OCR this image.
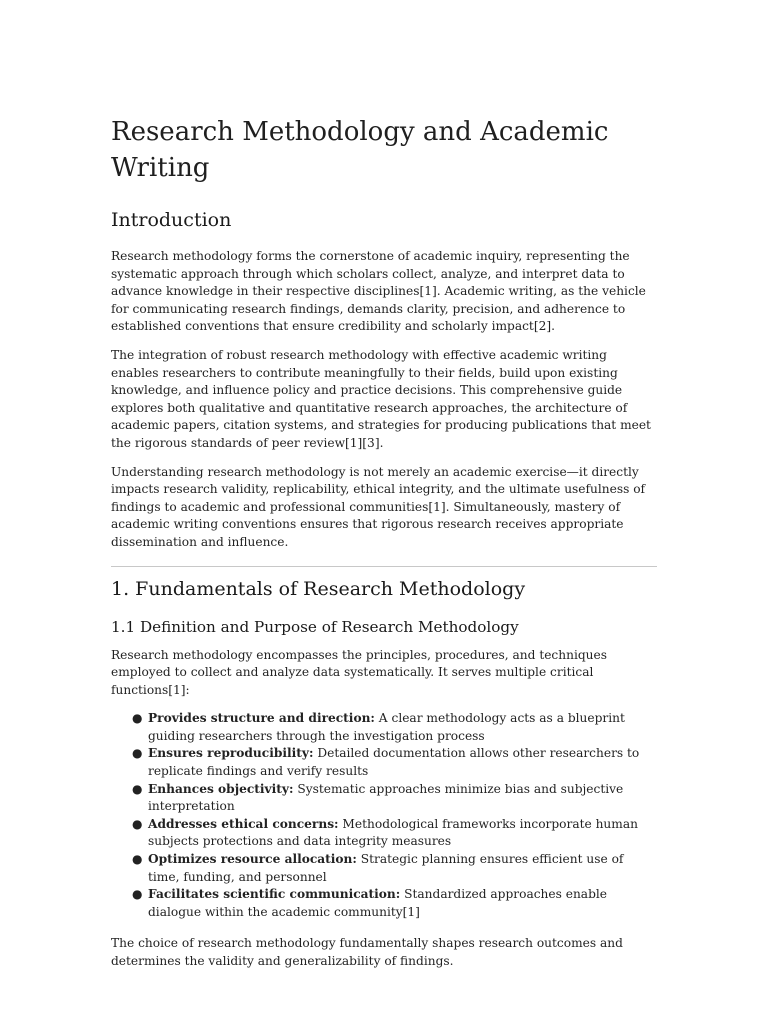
Research Methodology and Academic Writing
Introduction

Research methodology forms the cornerstone of academic inquiry, representing the systematic approach through which scholars collect, analyze, and interpret data to advance knowledge in their respective disciplines[1]. Academic writing, as the vehicle for communicating research findings, demands clarity, precision, and adherence to established conventions that ensure credibility and scholarly impact[2].

The integration of robust research methodology with effective academic writing enables researchers to contribute meaningfully to their fields, build upon existing knowledge, and influence policy and practice decisions. This comprehensive guide explores both qualitative and quantitative research approaches, the architecture of academic papers, citation systems, and strategies for producing publications that meet the rigorous standards of peer review[1][3].

Understanding research methodology is not merely an academic exercise—it directly impacts research validity, replicability, ethical integrity, and the ultimate usefulness of findings to academic and professional communities[1]. Simultaneously, mastery of academic writing conventions ensures that rigorous research receives appropriate dissemination and influence.

1. Fundamentals of Research Methodology
1.1 Definition and Purpose of Research Methodology

Research methodology encompasses the principles, procedures, and techniques employed to collect and analyze data systematically. It serves multiple critical functions[1]:

● Provides structure and direction: A clear methodology acts as a blueprint guiding researchers through the investigation process
● Ensures reproducibility: Detailed documentation allows other researchers to replicate findings and verify results
● Enhances objectivity: Systematic approaches minimize bias and subjective interpretation
● Addresses ethical concerns: Methodological frameworks incorporate human subjects protections and data integrity measures
● Optimizes resource allocation: Strategic planning ensures efficient use of time, funding, and personnel
● Facilitates scientific communication: Standardized approaches enable dialogue within the academic community[1]

The choice of research methodology fundamentally shapes research outcomes and determines the validity and generalizability of findings.
